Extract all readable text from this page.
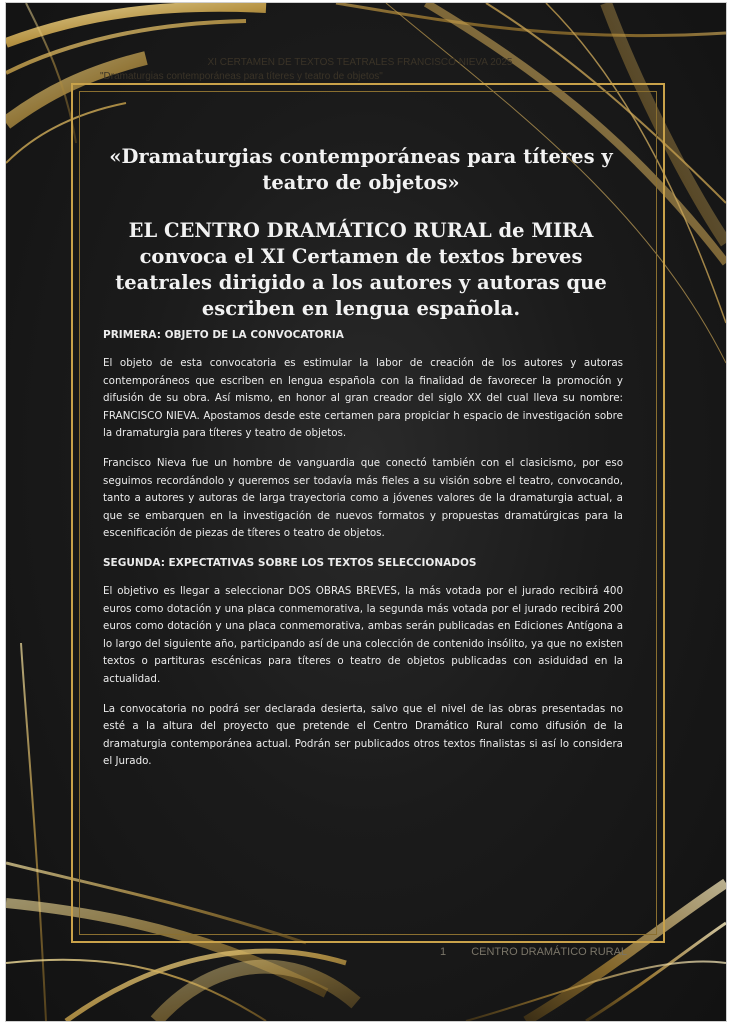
XI CERTAMEN DE TEXTOS TEATRALES FRANCISCO NIEVA 2025
"Dramaturgias contemporáneas para títeres y teatro de objetos"
«Dramaturgias contemporáneas para títeres y teatro de objetos»
EL CENTRO DRAMÁTICO RURAL de MIRA convoca el XI Certamen de textos breves teatrales dirigido a los autores y autoras que escriben en lengua española.

PRIMERA: OBJETO DE LA CONVOCATORIA

El objeto de esta convocatoria es estimular la labor de creación de los autores y autoras contemporáneos que escriben en lengua española con la finalidad de favorecer la promoción y difusión de su obra. Así mismo, en honor al gran creador del siglo XX del cual lleva su nombre: FRANCISCO NIEVA. Apostamos desde este certamen para propiciar h espacio de investigación sobre la dramaturgia para títeres y teatro de objetos.

Francisco Nieva fue un hombre de vanguardia que conectó también con el clasicismo, por eso seguimos recordándolo y queremos ser todavía más fieles a su visión sobre el teatro, convocando, tanto a autores y autoras de larga trayectoria como a jóvenes valores de la dramaturgia actual, a que se embarquen en la investigación de nuevos formatos y propuestas dramatúrgicas para la escenificación de piezas de títeres o teatro de objetos.

SEGUNDA: EXPECTATIVAS SOBRE LOS TEXTOS SELECCIONADOS

El objetivo es llegar a seleccionar DOS OBRAS BREVES, la más votada por el jurado recibirá 400 euros como dotación y una placa conmemorativa, la segunda más votada por el jurado recibirá 200 euros como dotación y una placa conmemorativa, ambas serán publicadas en Ediciones Antígona a lo largo del siguiente año, participando así de una colección de contenido insólito, ya que no existen textos o partituras escénicas para títeres o teatro de objetos publicadas con asiduidad en la actualidad.

La convocatoria no podrá ser declarada desierta, salvo que el nivel de las obras presentadas no esté a la altura del proyecto que pretende el Centro Dramático Rural como difusión de la dramaturgia contemporánea actual. Podrán ser publicados otros textos finalistas si así lo considera el Jurado.

1 CENTRO DRAMÁTICO RURAL
